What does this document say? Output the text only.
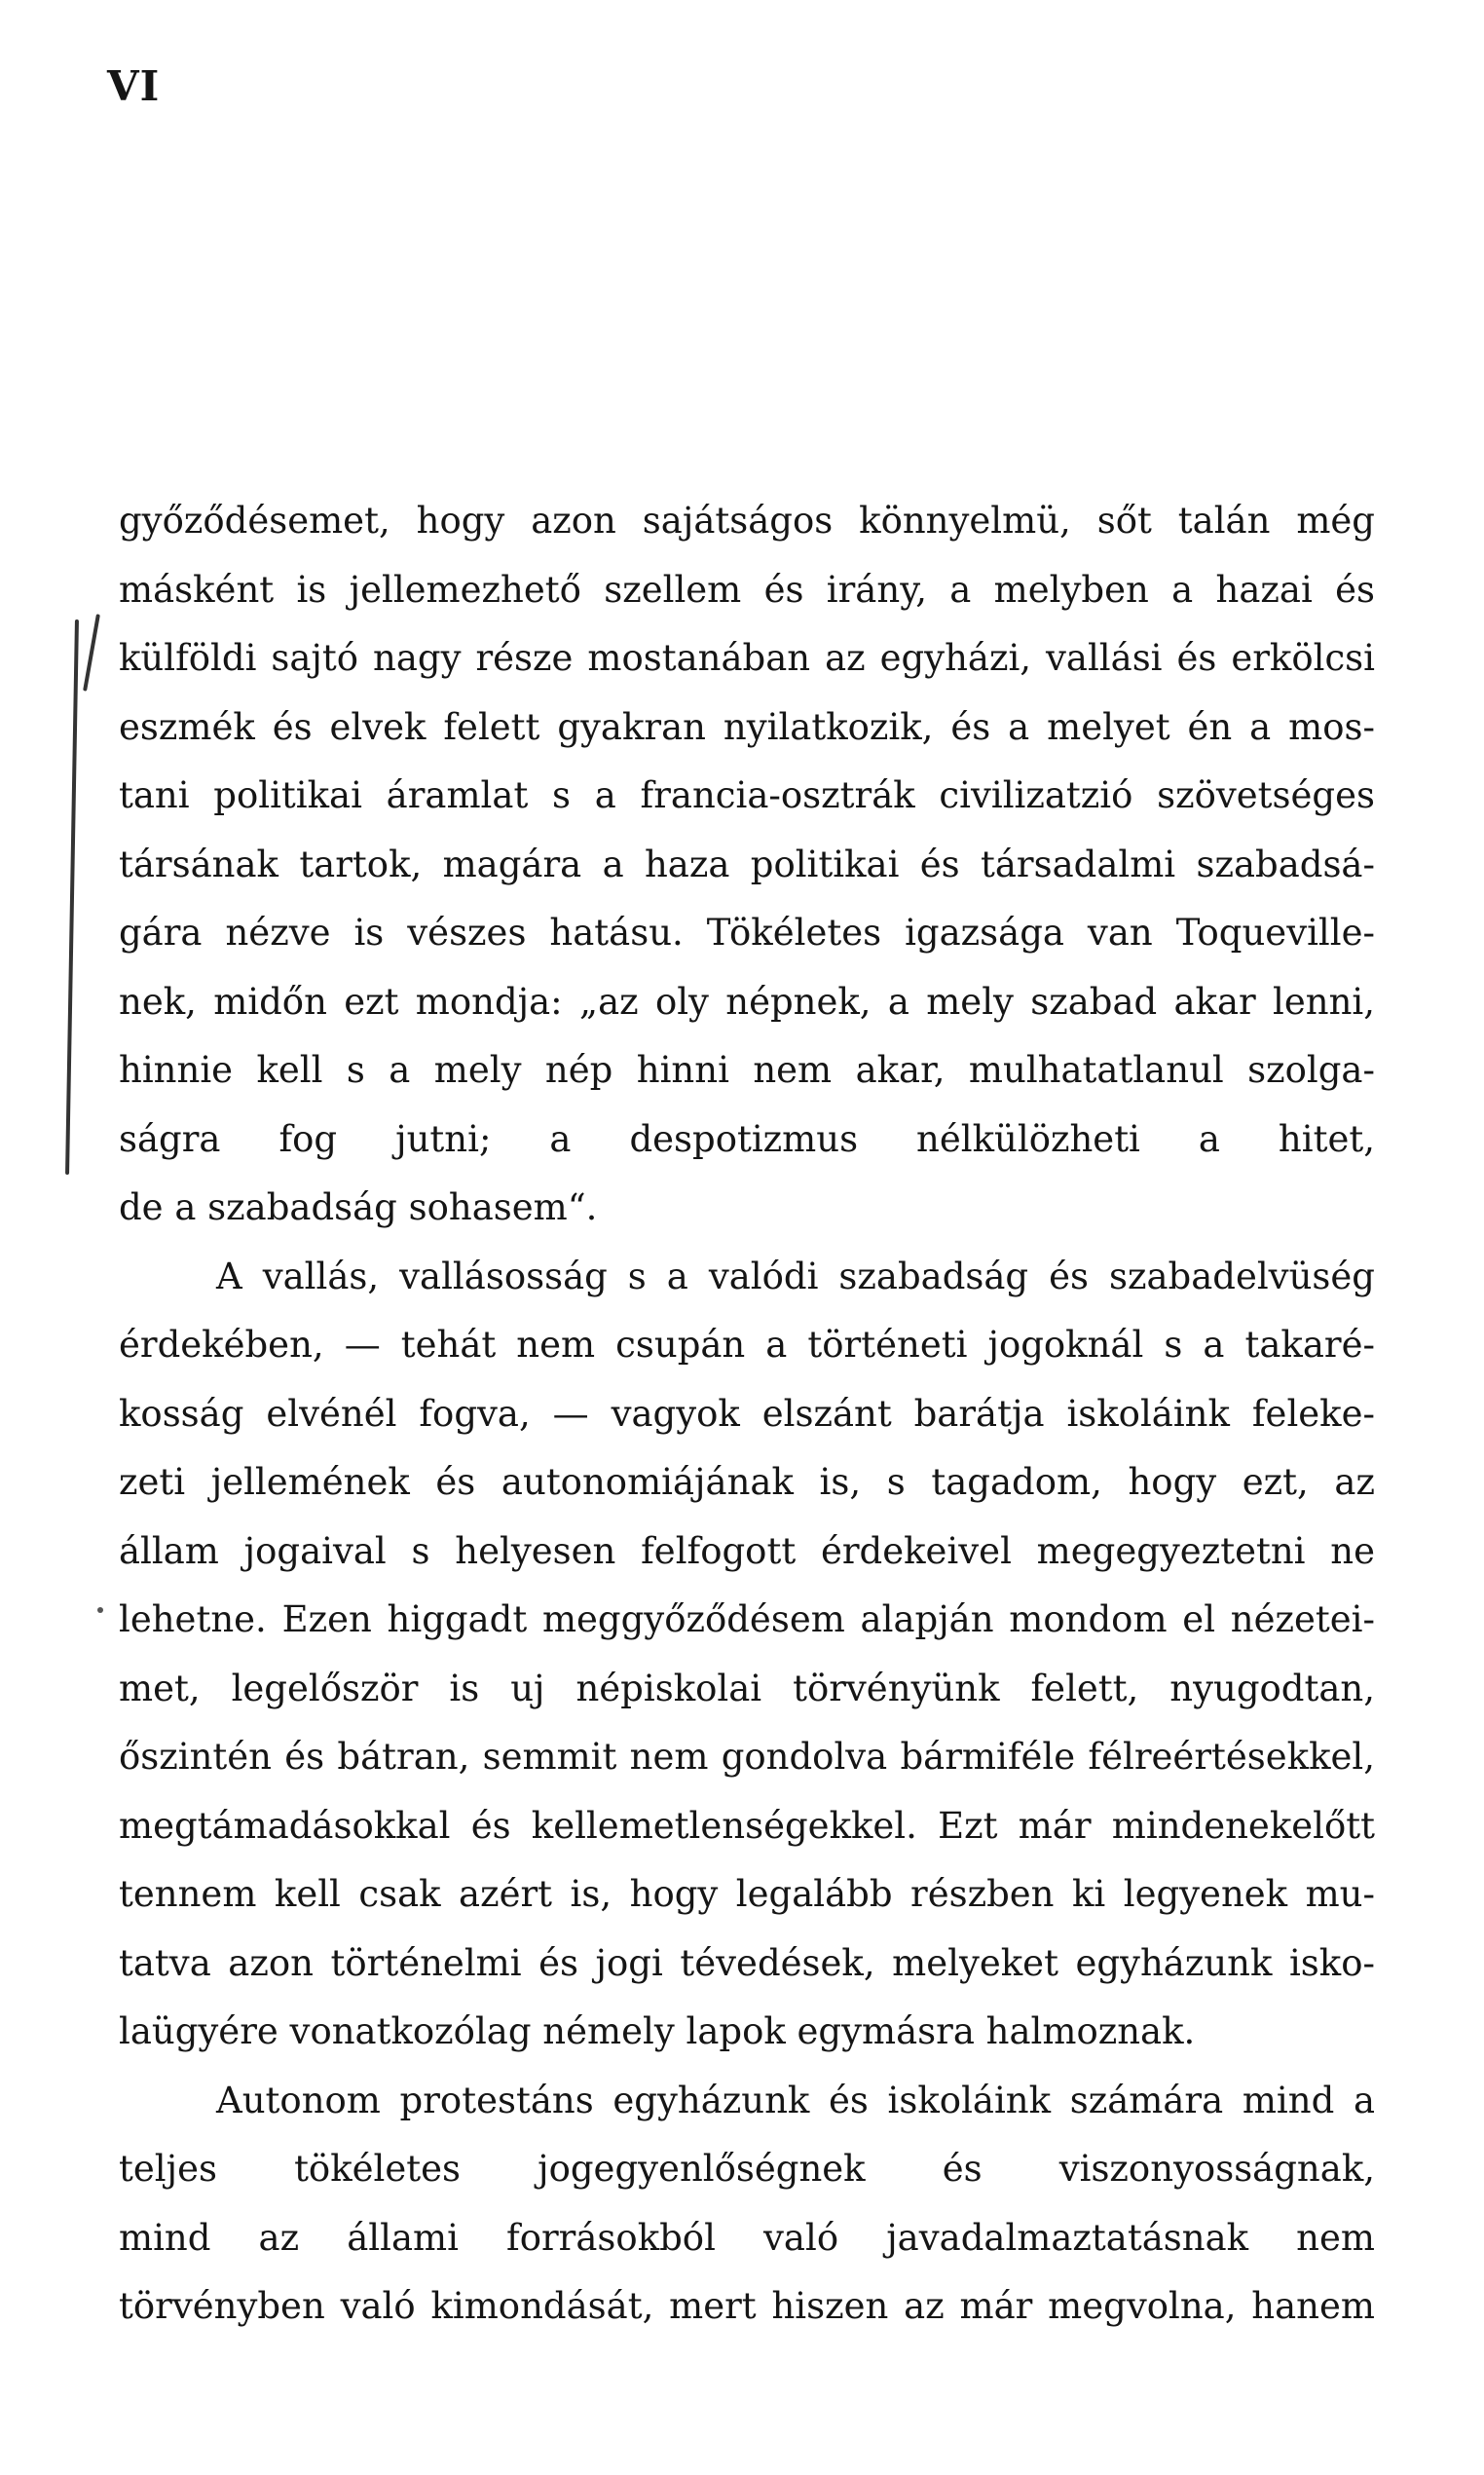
VI
győződésemet, hogy azon sajátságos könnyelmü, sőt talán még
másként is jellemezhető szellem és irány, a melyben a hazai és
külföldi sajtó nagy része mostanában az egyházi, vallási és erkölcsi
eszmék és elvek felett gyakran nyilatkozik, és a melyet én a mos-
tani politikai áramlat s a francia-osztrák civilizatzió szövetséges
társának tartok, magára a haza politikai és társadalmi szabadsá-
gára nézve is vészes hatásu. Tökéletes igazsága van Toqueville-
nek, midőn ezt mondja: „az oly népnek, a mely szabad akar lenni,
hinnie kell s a mely nép hinni nem akar, mulhatatlanul szolga-
ságra fog jutni; a despotizmus nélkülözheti a hitet,
de a szabadság sohasem“.
A vallás, vallásosság s a valódi szabadság és szabadelvüség
érdekében, — tehát nem csupán a történeti jogoknál s a takaré-
kosság elvénél fogva, — vagyok elszánt barátja iskoláink feleke-
zeti jellemének és autonomiájának is, s tagadom, hogy ezt, az
állam jogaival s helyesen felfogott érdekeivel megegyeztetni ne
lehetne. Ezen higgadt meggyőződésem alapján mondom el nézetei-
met, legelőször is uj népiskolai törvényünk felett, nyugodtan,
őszintén és bátran, semmit nem gondolva bármiféle félreértésekkel,
megtámadásokkal és kellemetlenségekkel. Ezt már mindenekelőtt
tennem kell csak azért is, hogy legalább részben ki legyenek mu-
tatva azon történelmi és jogi tévedések, melyeket egyházunk isko-
laügyére vonatkozólag némely lapok egymásra halmoznak.
Autonom protestáns egyházunk és iskoláink számára mind a
teljes tökéletes jogegyenlőségnek és viszonyosságnak,
mind az állami forrásokból való javadalmaztatásnak nem
törvényben való kimondását, mert hiszen az már megvolna, hanem
